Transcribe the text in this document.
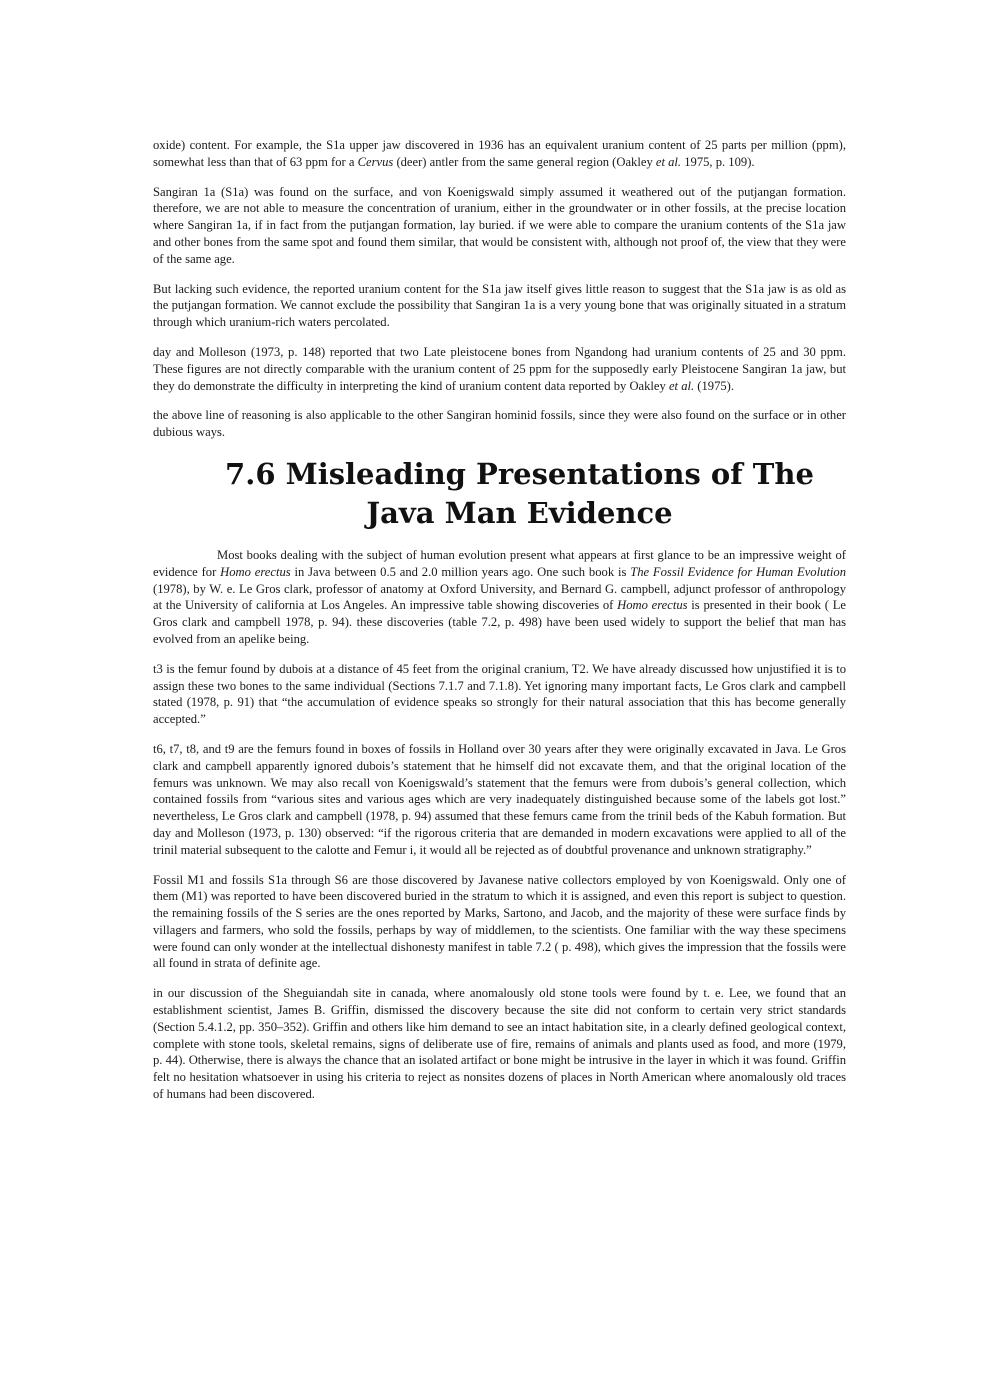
oxide) content. For example, the S1a upper jaw discovered in 1936 has an equivalent uranium content of 25 parts per million (ppm), somewhat less than that of 63 ppm for a Cervus (deer) antler from the same general region (Oakley et al. 1975, p. 109).

Sangiran 1a (S1a) was found on the surface, and von Koenigswald simply assumed it weathered out of the putjangan formation. therefore, we are not able to measure the concentration of uranium, either in the groundwater or in other fossils, at the precise location where Sangiran 1a, if in fact from the putjangan formation, lay buried. if we were able to compare the uranium contents of the S1a jaw and other bones from the same spot and found them similar, that would be consistent with, although not proof of, the view that they were of the same age.

But lacking such evidence, the reported uranium content for the S1a jaw itself gives little reason to suggest that the S1a jaw is as old as the putjangan formation. We cannot exclude the possibility that Sangiran 1a is a very young bone that was originally situated in a stratum through which uranium-rich waters percolated.

day and Molleson (1973, p. 148) reported that two Late pleistocene bones from Ngandong had uranium contents of 25 and 30 ppm. These figures are not directly comparable with the uranium content of 25 ppm for the supposedly early Pleistocene Sangiran 1a jaw, but they do demonstrate the difficulty in interpreting the kind of uranium content data reported by Oakley et al. (1975).

the above line of reasoning is also applicable to the other Sangiran hominid fossils, since they were also found on the surface or in other dubious ways.

7.6 Misleading Presentations of The Java Man Evidence

Most books dealing with the subject of human evolution present what appears at first glance to be an impressive weight of evidence for Homo erectus in Java between 0.5 and 2.0 million years ago. One such book is The Fossil Evidence for Human Evolution (1978), by W. e. Le Gros clark, professor of anatomy at Oxford University, and Bernard G. campbell, adjunct professor of anthropology at the University of california at Los Angeles. An impressive table showing discoveries of Homo erectus is presented in their book ( Le Gros clark and campbell 1978, p. 94). these discoveries (table 7.2, p. 498) have been used widely to support the belief that man has evolved from an apelike being.

t3 is the femur found by dubois at a distance of 45 feet from the original cranium, T2. We have already discussed how unjustified it is to assign these two bones to the same individual (Sections 7.1.7 and 7.1.8). Yet ignoring many important facts, Le Gros clark and campbell stated (1978, p. 91) that “the accumulation of evidence speaks so strongly for their natural association that this has become generally accepted.”

t6, t7, t8, and t9 are the femurs found in boxes of fossils in Holland over 30 years after they were originally excavated in Java. Le Gros clark and campbell apparently ignored dubois’s statement that he himself did not excavate them, and that the original location of the femurs was unknown. We may also recall von Koenigswald’s statement that the femurs were from dubois’s general collection, which contained fossils from “various sites and various ages which are very inadequately distinguished because some of the labels got lost.” nevertheless, Le Gros clark and campbell (1978, p. 94) assumed that these femurs came from the trinil beds of the Kabuh formation. But day and Molleson (1973, p. 130) observed: “if the rigorous criteria that are demanded in modern excavations were applied to all of the trinil material subsequent to the calotte and Femur i, it would all be rejected as of doubtful provenance and unknown stratigraphy.”

Fossil M1 and fossils S1a through S6 are those discovered by Javanese native collectors employed by von Koenigswald. Only one of them (M1) was reported to have been discovered buried in the stratum to which it is assigned, and even this report is subject to question. the remaining fossils of the S series are the ones reported by Marks, Sartono, and Jacob, and the majority of these were surface finds by villagers and farmers, who sold the fossils, perhaps by way of middlemen, to the scientists. One familiar with the way these specimens were found can only wonder at the intellectual dishonesty manifest in table 7.2 ( p. 498), which gives the impression that the fossils were all found in strata of definite age.

in our discussion of the Sheguiandah site in canada, where anomalously old stone tools were found by t. e. Lee, we found that an establishment scientist, James B. Griffin, dismissed the discovery because the site did not conform to certain very strict standards (Section 5.4.1.2, pp. 350–352). Griffin and others like him demand to see an intact habitation site, in a clearly defined geological context, complete with stone tools, skeletal remains, signs of deliberate use of fire, remains of animals and plants used as food, and more (1979, p. 44). Otherwise, there is always the chance that an isolated artifact or bone might be intrusive in the layer in which it was found. Griffin felt no hesitation whatsoever in using his criteria to reject as nonsites dozens of places in North American where anomalously old traces of humans had been discovered.
